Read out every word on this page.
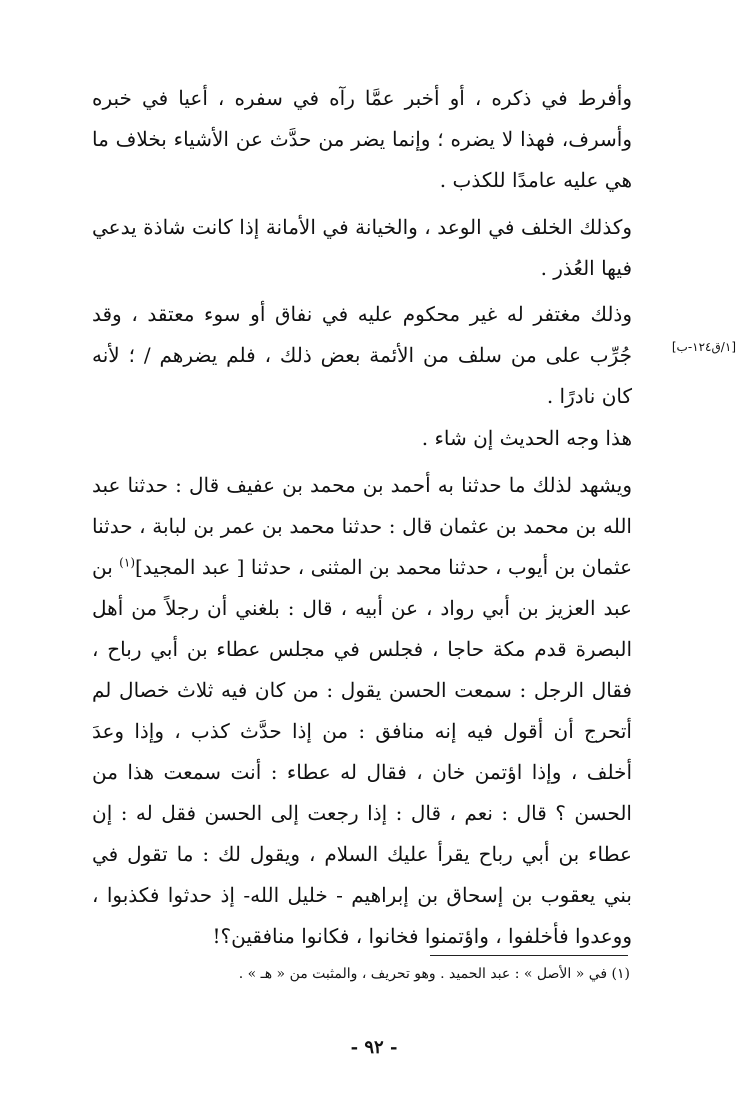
وأفرط في ذكره ، أو أخبر عمَّا رآه في سفره ، أعيا في خبره وأسرف، فهذا لا يضره ؛ وإنما يضر من حدَّث عن الأشياء بخلاف ما هي عليه عامدًا للكذب .

وكذلك الخلف في الوعد ، والخيانة في الأمانة إذا كانت شاذة يدعي فيها العُذر .

وذلك مغتفر له غير محكوم عليه في نفاق أو سوء معتقد ، وقد جُرِّب على من سلف من الأئمة بعض ذلك ، فلم يضرهم / ؛ لأنه كان نادرًا .

[١/ق١٢٤-ب]

هذا وجه الحديث إن شاء .

ويشهد لذلك ما حدثنا به أحمد بن محمد بن عفيف قال : حدثنا عبد الله بن محمد بن عثمان قال : حدثنا محمد بن عمر بن لبابة ، حدثنا عثمان بن أيوب ، حدثنا محمد بن المثنى ، حدثنا [ عبد المجيد]$^{(١)}$ بن عبد العزيز بن أبي رواد ، عن أبيه ، قال : بلغني أن رجلاً من أهل البصرة قدم مكة حاجا ، فجلس في مجلس عطاء بن أبي رباح ، فقال الرجل : سمعت الحسن يقول : من كان فيه ثلاث خصال لم أتحرج أن أقول فيه إنه منافق : من إذا حدَّث كذب ، وإذا وعدَ أخلف ، وإذا اؤتمن خان ، فقال له عطاء : أنت سمعت هذا من الحسن ؟ قال : نعم ، قال : إذا رجعت إلى الحسن فقل له : إن عطاء بن أبي رباح يقرأ عليك السلام ، ويقول لك : ما تقول في بني يعقوب بن إسحاق بن إبراهيم - خليل الله- إذ حدثوا فكذبوا ، ووعدوا فأخلفوا ، واؤتمنوا فخانوا ، فكانوا منافقين؟!

(١) في « الأصل » : عبد الحميد . وهو تحريف ، والمثبت من « هـ » .
- ٩٢ -
